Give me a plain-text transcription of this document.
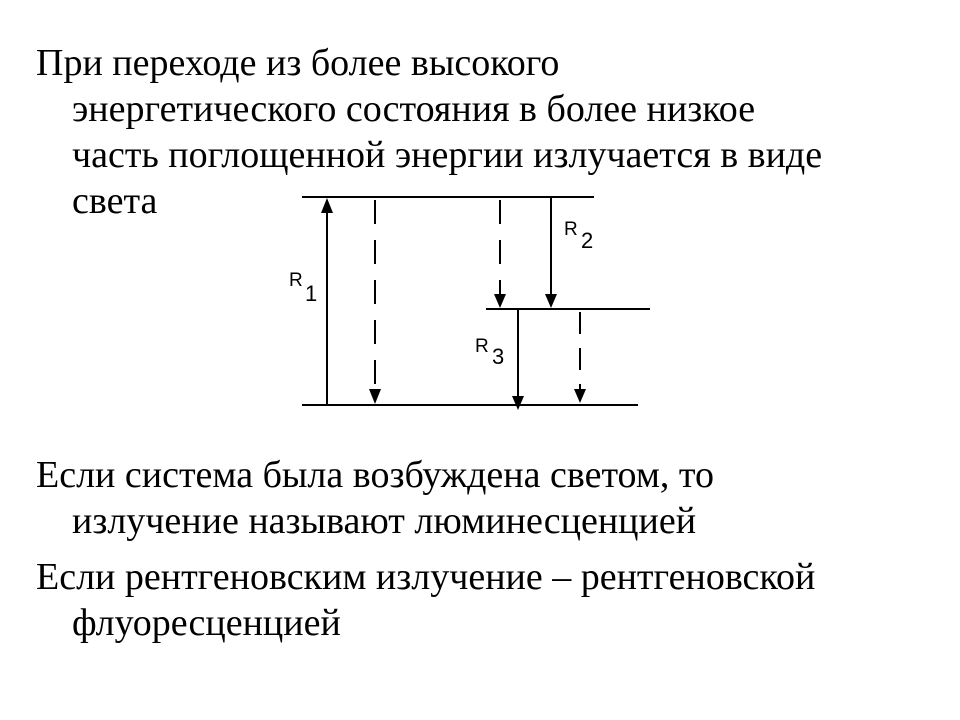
При переходе из более высокого
энергетического состояния в более низкое
часть поглощенной энергии излучается в виде
света
R
1
R 2
R 3
Если система была возбуждена светом, то
излучение называют люминесценцией
Если рентгеновским излучение – рентгеновской
флуоресценцией
